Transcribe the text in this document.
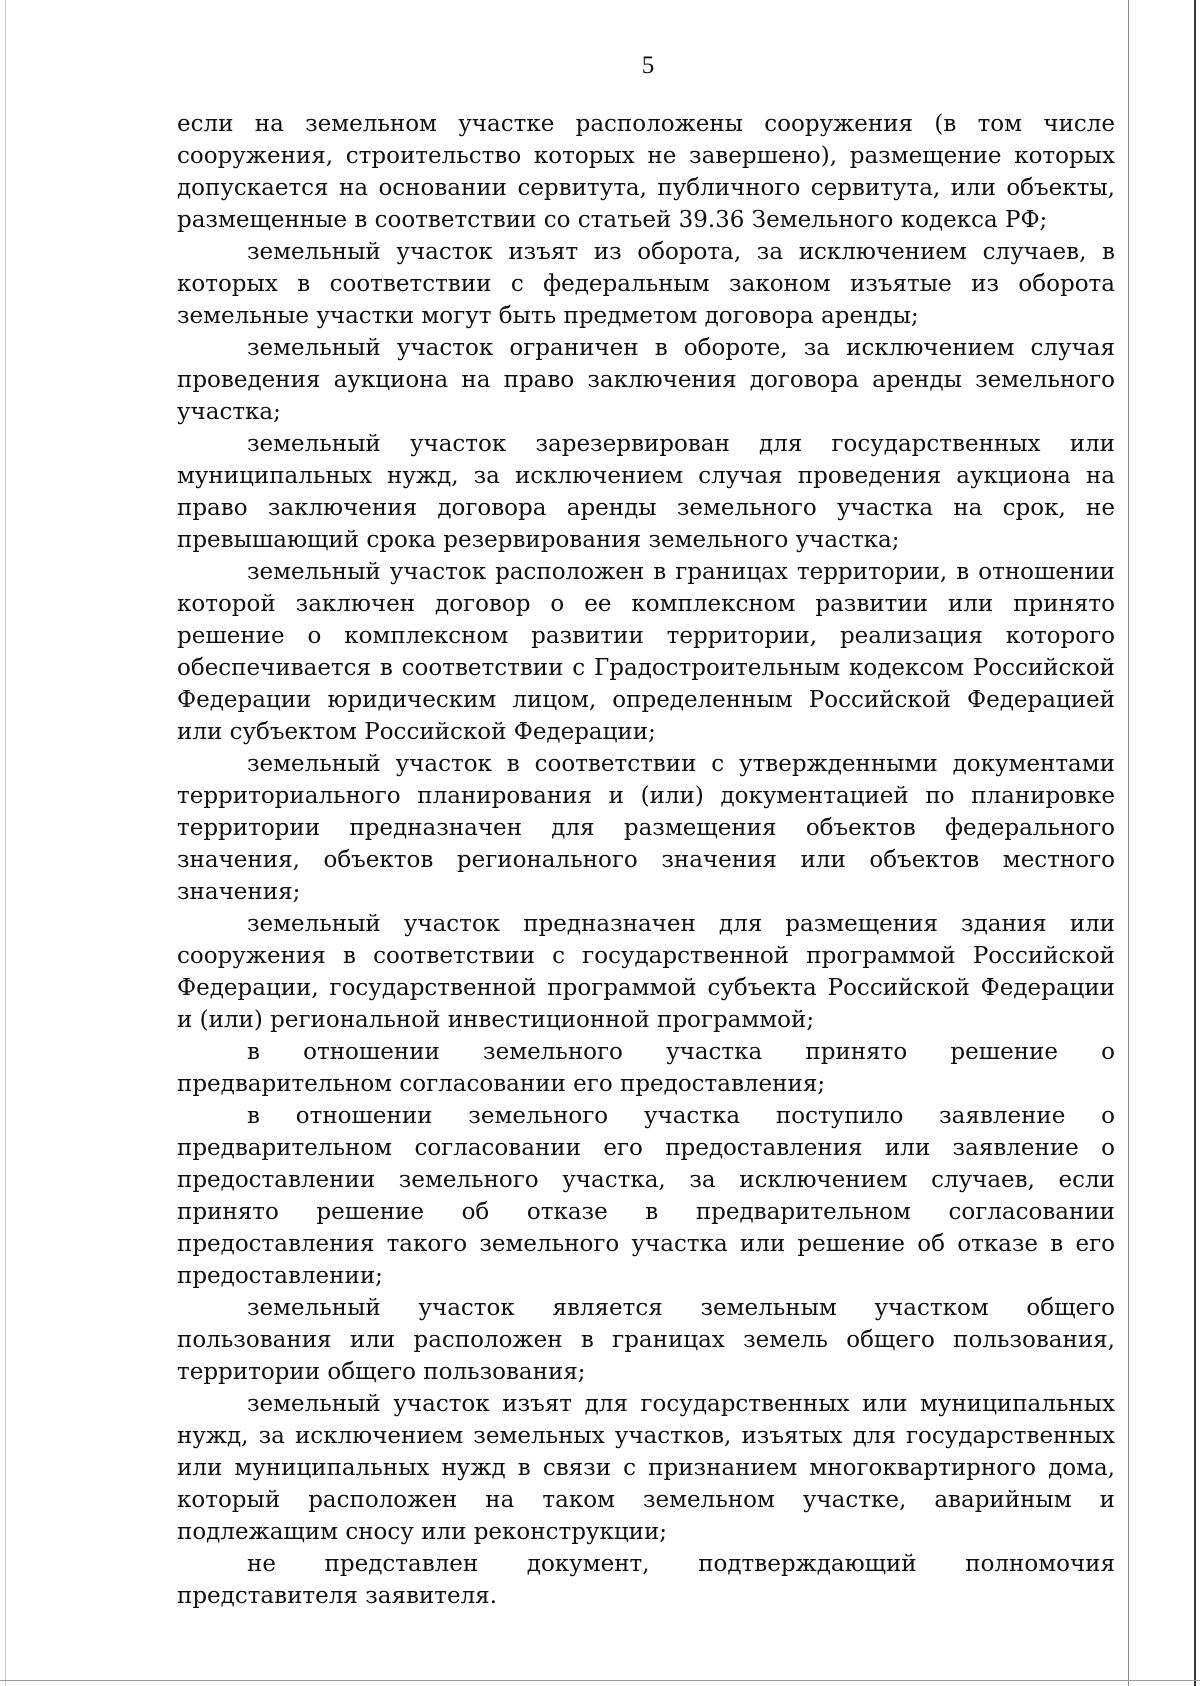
5

если на земельном участке расположены сооружения (в том числе сооружения, строительство которых не завершено), размещение которых допускается на основании сервитута, публичного сервитута, или объекты, размещенные в соответствии со статьей 39.36 Земельного кодекса РФ;

земельный участок изъят из оборота, за исключением случаев, в которых в соответствии с федеральным законом изъятые из оборота земельные участки могут быть предметом договора аренды;

земельный участок ограничен в обороте, за исключением случая проведения аукциона на право заключения договора аренды земельного участка;

земельный участок зарезервирован для государственных или муниципальных нужд, за исключением случая проведения аукциона на право заключения договора аренды земельного участка на срок, не превышающий срока резервирования земельного участка;

земельный участок расположен в границах территории, в отношении которой заключен договор о ее комплексном развитии или принято решение о комплексном развитии территории, реализация которого обеспечивается в соответствии с Градостроительным кодексом Российской Федерации юридическим лицом, определенным Российской Федерацией или субъектом Российской Федерации;

земельный участок в соответствии с утвержденными документами территориального планирования и (или) документацией по планировке территории предназначен для размещения объектов федерального значения, объектов регионального значения или объектов местного значения;

земельный участок предназначен для размещения здания или сооружения в соответствии с государственной программой Российской Федерации, государственной программой субъекта Российской Федерации и (или) региональной инвестиционной программой;

в отношении земельного участка принято решение о предварительном согласовании его предоставления;

в отношении земельного участка поступило заявление о предварительном согласовании его предоставления или заявление о предоставлении земельного участка, за исключением случаев, если принято решение об отказе в предварительном согласовании предоставления такого земельного участка или решение об отказе в его предоставлении;

земельный участок является земельным участком общего пользования или расположен в границах земель общего пользования, территории общего пользования;

земельный участок изъят для государственных или муниципальных нужд, за исключением земельных участков, изъятых для государственных или муниципальных нужд в связи с признанием многоквартирного дома, который расположен на таком земельном участке, аварийным и подлежащим сносу или реконструкции;

не представлен документ, подтверждающий полномочия представителя заявителя.
